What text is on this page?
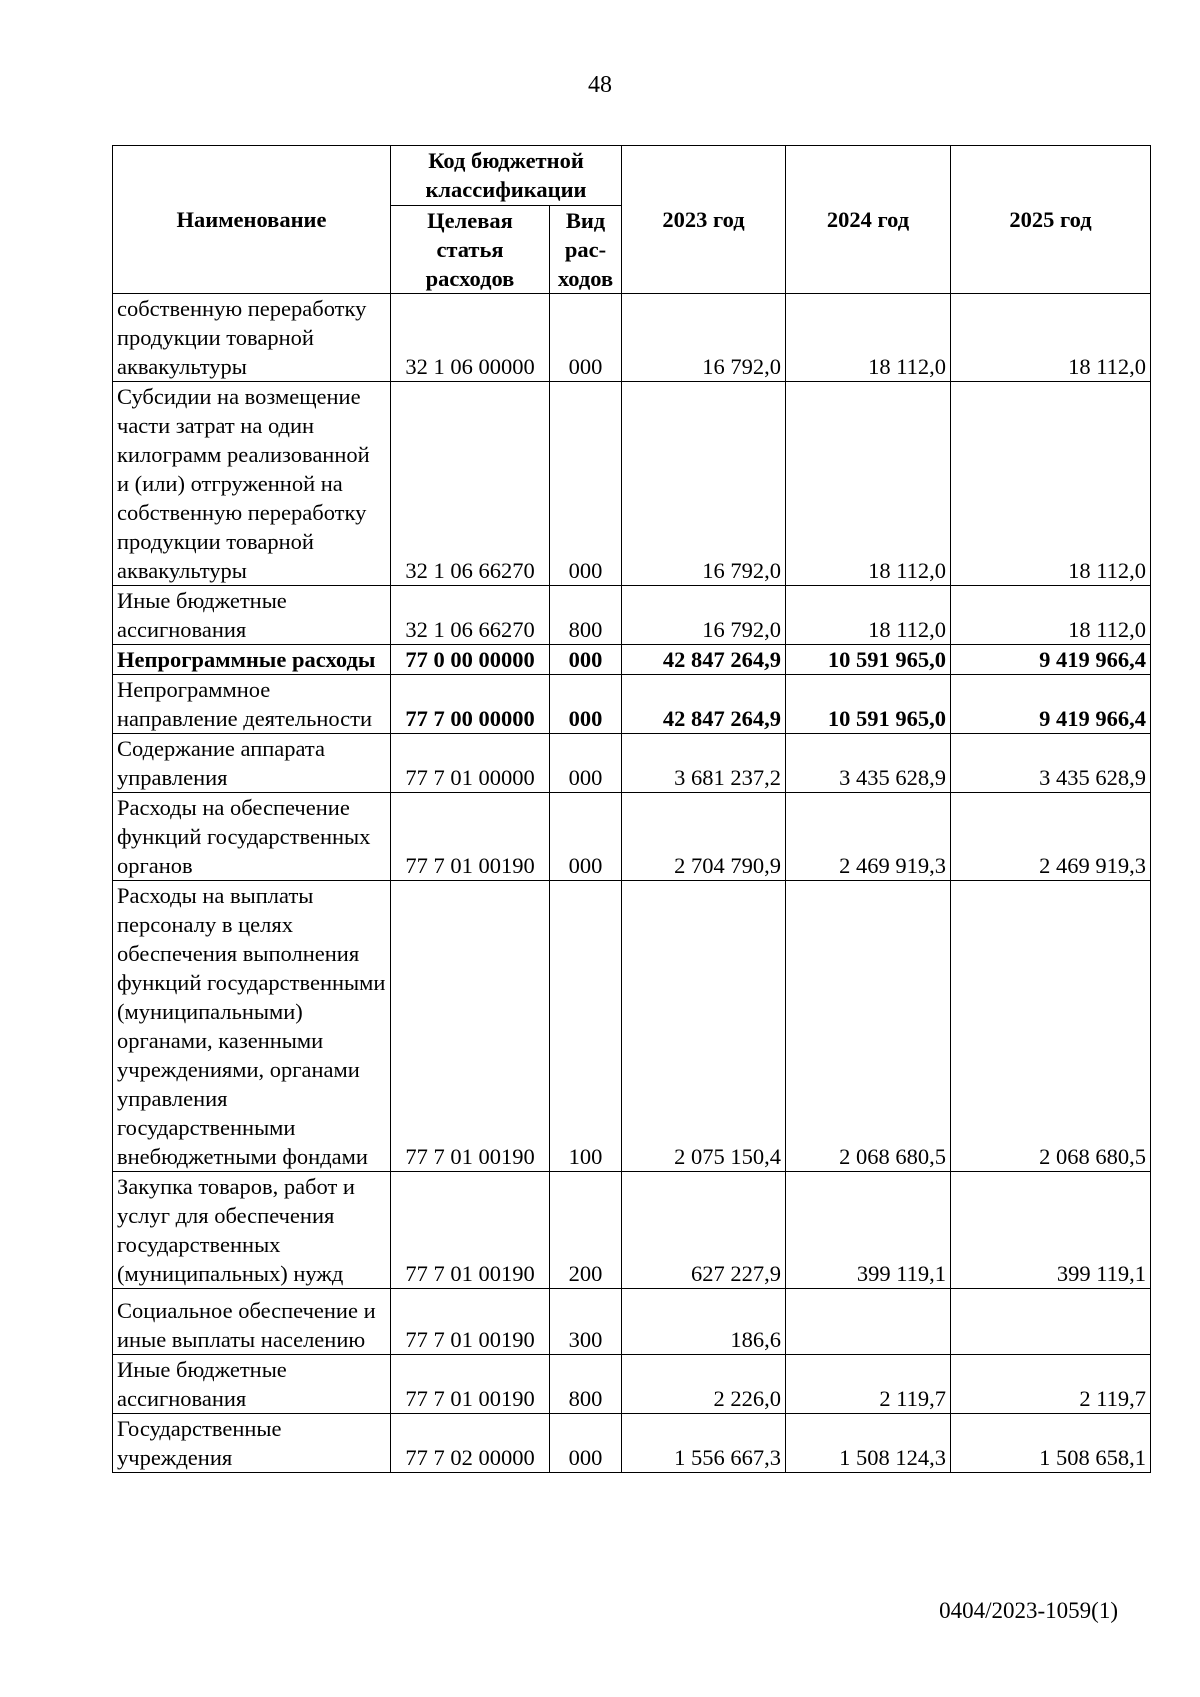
48
Наименование	Код бюджетной классификации		2023 год	2024 год	2025 год
	Целевая статья расходов	Вид рас-ходов			
собственную переработку продукции товарной аквакультуры	32 1 06 00000	000	16 792,0	18 112,0	18 112,0
Субсидии на возмещение части затрат на один килограмм реализованной и (или) отгруженной на собственную переработку продукции товарной аквакультуры	32 1 06 66270	000	16 792,0	18 112,0	18 112,0
Иные бюджетные ассигнования	32 1 06 66270	800	16 792,0	18 112,0	18 112,0
Непрограммные расходы	77 0 00 00000	000	42 847 264,9	10 591 965,0	9 419 966,4
Непрограммное направление деятельности	77 7 00 00000	000	42 847 264,9	10 591 965,0	9 419 966,4
Содержание аппарата управления	77 7 01 00000	000	3 681 237,2	3 435 628,9	3 435 628,9
Расходы на обеспечение функций государственных органов	77 7 01 00190	000	2 704 790,9	2 469 919,3	2 469 919,3
Расходы на выплаты персоналу в целях обеспечения выполнения функций государственными (муниципальными) органами, казенными учреждениями, органами управления государственными внебюджетными фондами	77 7 01 00190	100	2 075 150,4	2 068 680,5	2 068 680,5
Закупка товаров, работ и услуг для обеспечения государственных (муниципальных) нужд	77 7 01 00190	200	627 227,9	399 119,1	399 119,1
Социальное обеспечение и иные выплаты населению	77 7 01 00190	300	186,6		
Иные бюджетные ассигнования	77 7 01 00190	800	2 226,0	2 119,7	2 119,7
Государственные учреждения	77 7 02 00000	000	1 556 667,3	1 508 124,3	1 508 658,1
0404/2023-1059(1)
